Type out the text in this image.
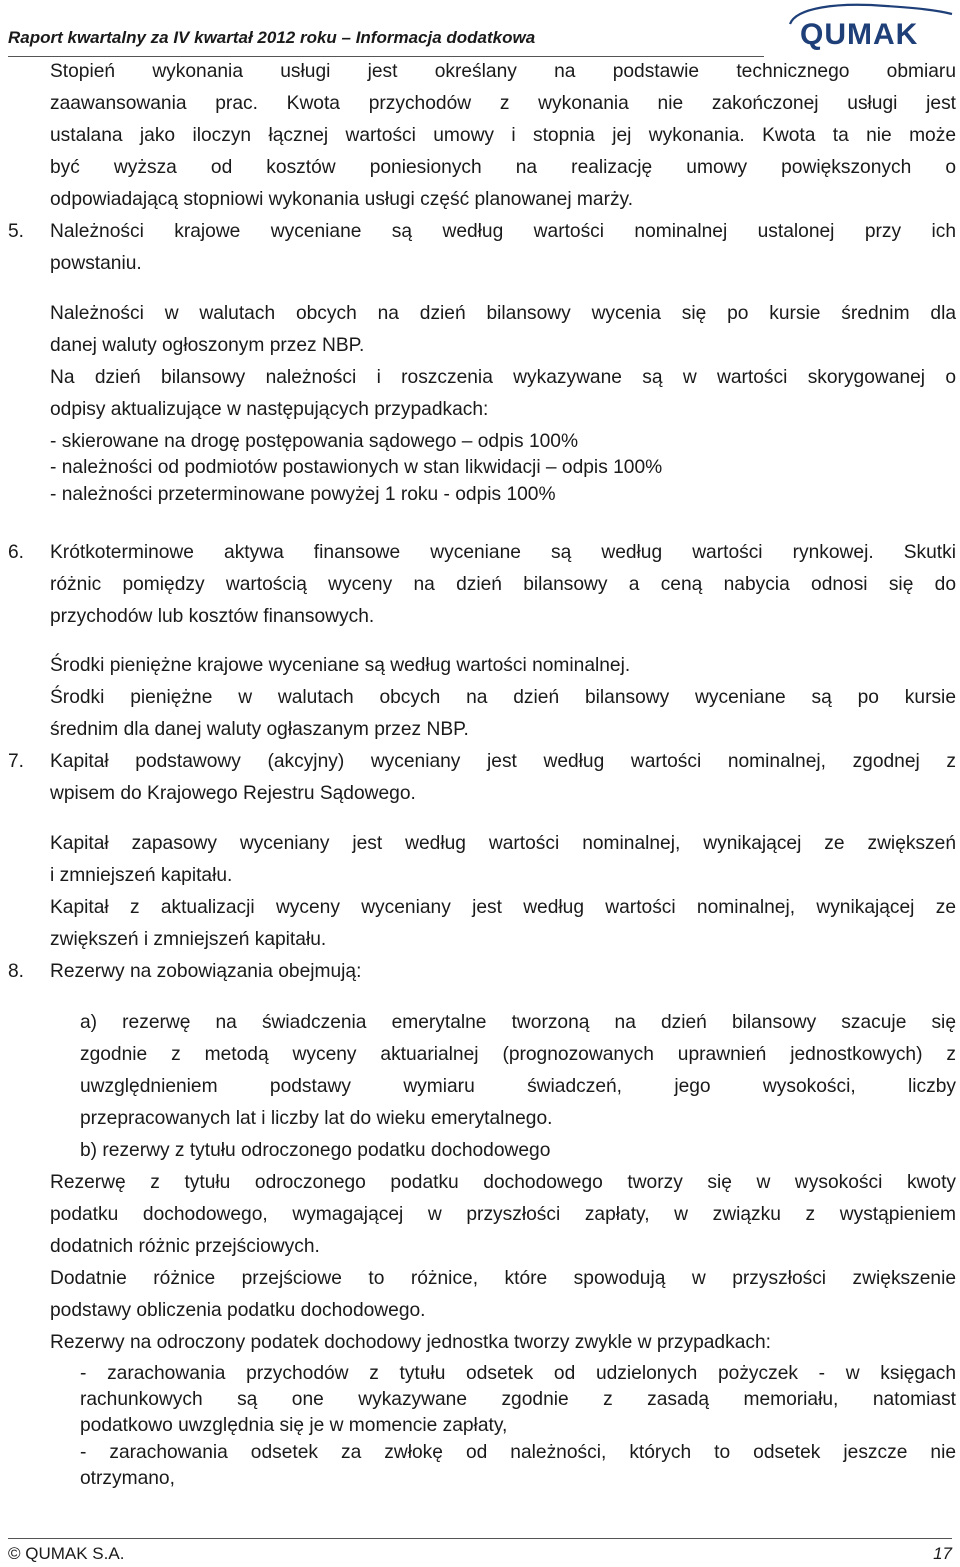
Raport kwartalny za IV kwartał 2012 roku – Informacja dodatkowa	QUMAK
Stopień wykonania usługi jest określany na podstawie technicznego obmiaru
zaawansowania prac. Kwota przychodów z wykonania nie zakończonej usługi jest
ustalana jako iloczyn łącznej wartości umowy i stopnia jej wykonania. Kwota ta nie może
być wyższa od kosztów poniesionych na realizację umowy powiększonych o
odpowiadającą stopniowi wykonania usługi część planowanej marży.
5. Należności krajowe wyceniane są według wartości nominalnej ustalonej przy ich
powstaniu.
Należności w walutach obcych na dzień bilansowy wycenia się po kursie średnim dla
danej waluty ogłoszonym przez NBP.
Na dzień bilansowy należności i roszczenia wykazywane są w wartości skorygowanej o
odpisy aktualizujące w następujących przypadkach:
- skierowane na drogę postępowania sądowego – odpis 100%
- należności od podmiotów postawionych w stan likwidacji – odpis 100%
- należności przeterminowane powyżej 1 roku - odpis 100%
6. Krótkoterminowe aktywa finansowe wyceniane są według wartości rynkowej. Skutki
różnic pomiędzy wartością wyceny na dzień bilansowy a ceną nabycia odnosi się do
przychodów lub kosztów finansowych.
Środki pieniężne krajowe wyceniane są według wartości nominalnej.
Środki pieniężne w walutach obcych na dzień bilansowy wyceniane są po kursie
średnim dla danej waluty ogłaszanym przez NBP.
7. Kapitał podstawowy (akcyjny) wyceniany jest według wartości nominalnej, zgodnej z
wpisem do Krajowego Rejestru Sądowego.
Kapitał zapasowy wyceniany jest według wartości nominalnej, wynikającej ze zwiększeń
i zmniejszeń kapitału.
Kapitał z aktualizacji wyceny wyceniany jest według wartości nominalnej, wynikającej ze
zwiększeń i zmniejszeń kapitału.
8. Rezerwy na zobowiązania obejmują:
a) rezerwę na świadczenia emerytalne tworzoną na dzień bilansowy szacuje się
zgodnie z metodą wyceny aktuarialnej (prognozowanych uprawnień jednostkowych) z
uwzględnieniem podstawy wymiaru świadczeń, jego wysokości, liczby
przepracowanych lat i liczby lat do wieku emerytalnego.
b) rezerwy z tytułu odroczonego podatku dochodowego
Rezerwę z tytułu odroczonego podatku dochodowego tworzy się w wysokości kwoty
podatku dochodowego, wymagającej w przyszłości zapłaty, w związku z wystąpieniem
dodatnich różnic przejściowych.
Dodatnie różnice przejściowe to różnice, które spowodują w przyszłości zwiększenie
podstawy obliczenia podatku dochodowego.
Rezerwy na odroczony podatek dochodowy jednostka tworzy zwykle w przypadkach:
- zarachowania przychodów z tytułu odsetek od udzielonych pożyczek - w księgach
rachunkowych są one wykazywane zgodnie z zasadą memoriału, natomiast
podatkowo uwzględnia się je w momencie zapłaty,
- zarachowania odsetek za zwłokę od należności, których to odsetek jeszcze nie
otrzymano,
© QUMAK S.A.	17
